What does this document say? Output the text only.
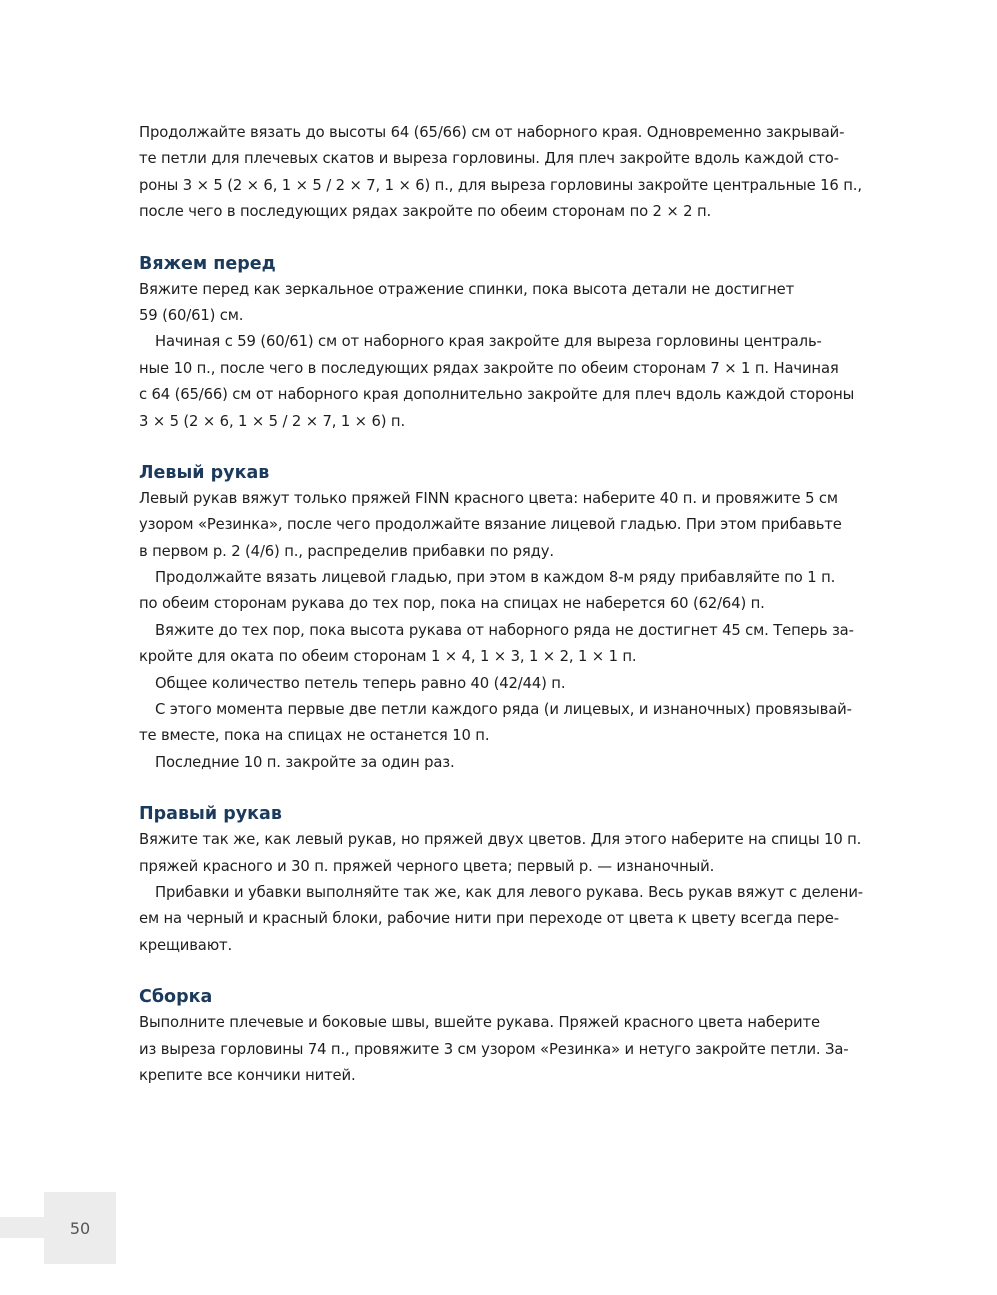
Продолжайте вязать до высоты 64 (65/66) см от наборного края. Одновременно закрывай-
те петли для плечевых скатов и выреза горловины. Для плеч закройте вдоль каждой сто-
роны 3 × 5 (2 × 6, 1 × 5 / 2 × 7, 1 × 6) п., для выреза горловины закройте центральные 16 п.,
после чего в последующих рядах закройте по обеим сторонам по 2 × 2 п.
Вяжем перед
Вяжите перед как зеркальное отражение спинки, пока высота детали не достигнет
59 (60/61) см.
Начиная с 59 (60/61) см от наборного края закройте для выреза горловины централь-
ные 10 п., после чего в последующих рядах закройте по обеим сторонам 7 × 1 п. Начиная
с 64 (65/66) см от наборного края дополнительно закройте для плеч вдоль каждой стороны
3 × 5 (2 × 6, 1 × 5 / 2 × 7, 1 × 6) п.
Левый рукав
Левый рукав вяжут только пряжей FINN красного цвета: наберите 40 п. и провяжите 5 см
узором «Резинка», после чего продолжайте вязание лицевой гладью. При этом прибавьте
в первом р. 2 (4/6) п., распределив прибавки по ряду.
Продолжайте вязать лицевой гладью, при этом в каждом 8-м ряду прибавляйте по 1 п.
по обеим сторонам рукава до тех пор, пока на спицах не наберется 60 (62/64) п.
Вяжите до тех пор, пока высота рукава от наборного ряда не достигнет 45 см. Теперь за-
кройте для оката по обеим сторонам 1 × 4, 1 × 3, 1 × 2, 1 × 1 п.
Общее количество петель теперь равно 40 (42/44) п.
С этого момента первые две петли каждого ряда (и лицевых, и изнаночных) провязывай-
те вместе, пока на спицах не останется 10 п.
Последние 10 п. закройте за один раз.
Правый рукав
Вяжите так же, как левый рукав, но пряжей двух цветов. Для этого наберите на спицы 10 п.
пряжей красного и 30 п. пряжей черного цвета; первый р. — изнаночный.
Прибавки и убавки выполняйте так же, как для левого рукава. Весь рукав вяжут с делени-
ем на черный и красный блоки, рабочие нити при переходе от цвета к цвету всегда пере-
крещивают.
Сборка
Выполните плечевые и боковые швы, вшейте рукава. Пряжей красного цвета наберите
из выреза горловины 74 п., провяжите 3 см узором «Резинка» и нетуго закройте петли. За-
крепите все кончики нитей.
50
